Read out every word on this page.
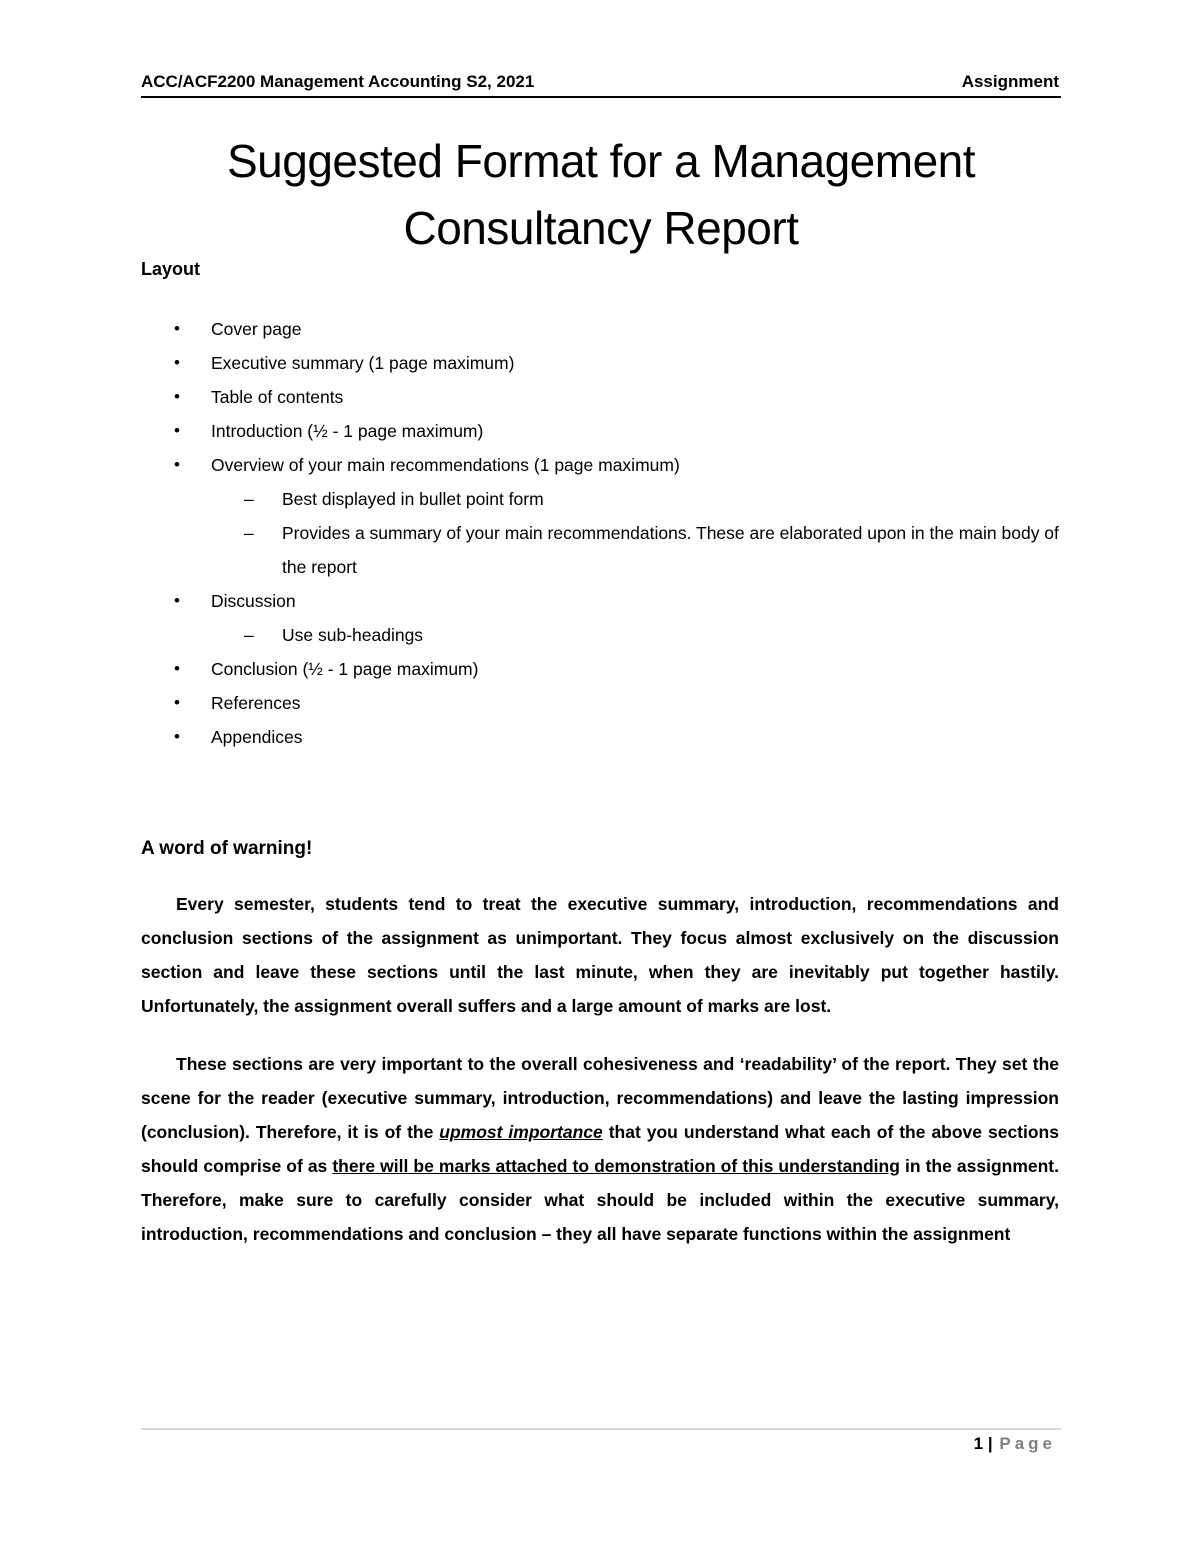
ACC/ACF2200 Management Accounting S2, 2021	Assignment
Suggested Format for a Management
Consultancy Report
Layout
• Cover page
• Executive summary (1 page maximum)
• Table of contents
• Introduction (½ - 1 page maximum)
• Overview of your main recommendations (1 page maximum)
– Best displayed in bullet point form
– Provides a summary of your main recommendations. These are elaborated upon in the main body of the report
• Discussion
– Use sub-headings
• Conclusion (½ - 1 page maximum)
• References
• Appendices
A word of warning!

Every semester, students tend to treat the executive summary, introduction, recommendations and conclusion sections of the assignment as unimportant. They focus almost exclusively on the discussion section and leave these sections until the last minute, when they are inevitably put together hastily. Unfortunately, the assignment overall suffers and a large amount of marks are lost.

These sections are very important to the overall cohesiveness and ‘readability’ of the report. They set the scene for the reader (executive summary, introduction, recommendations) and leave the lasting impression (conclusion). Therefore, it is of the upmost importance that you understand what each of the above sections should comprise of as there will be marks attached to demonstration of this understanding in the assignment. Therefore, make sure to carefully consider what should be included within the executive summary, introduction, recommendations and conclusion – they all have separate functions within the assignment

1 | Page
